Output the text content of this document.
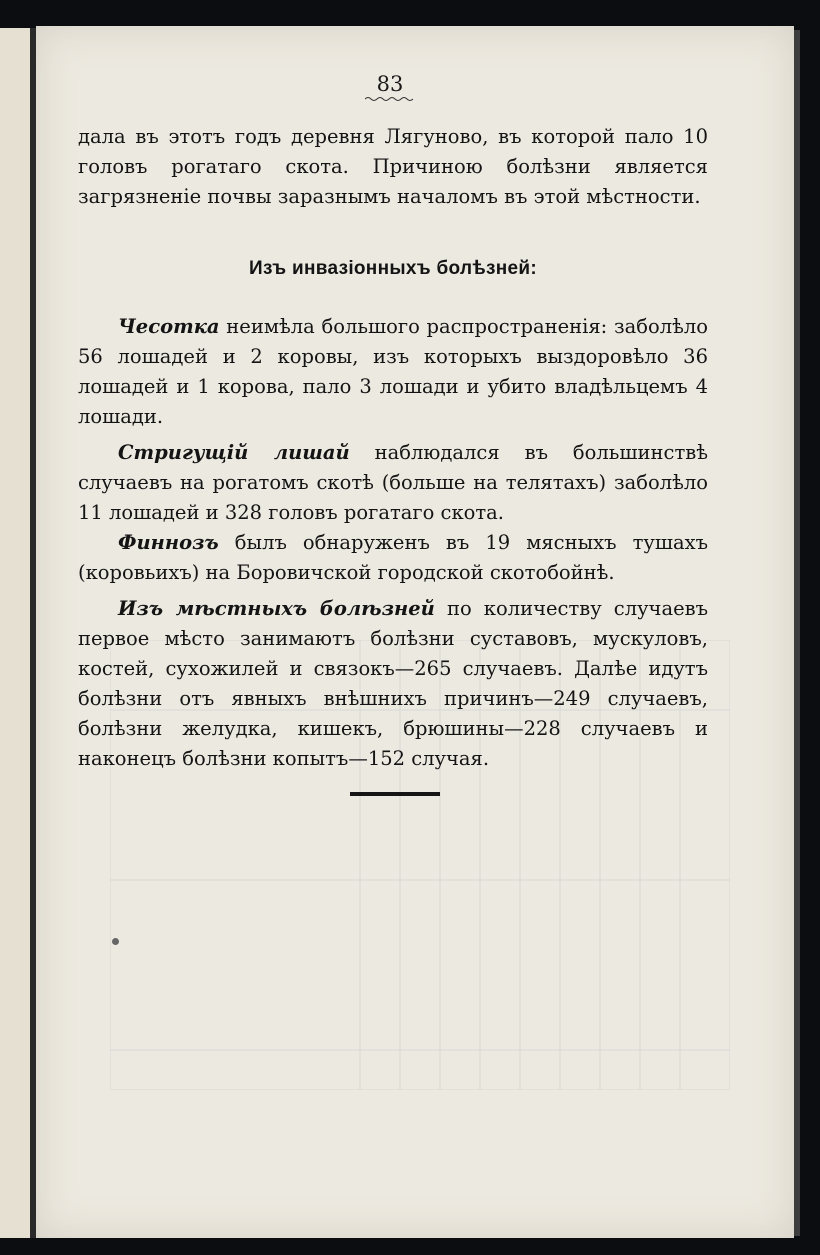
83

дала въ этотъ годъ деревня Лягуново, въ которой пало 10 головъ рогатаго скота. Причиною болѣзни является загрязненіе почвы заразнымъ началомъ въ этой мѣстности.

Изъ инвазіонныхъ болѣзней:

Чесотка неимѣла большого распространенія: заболѣло 56 лошадей и 2 коровы, изъ которыхъ выздоровѣло 36 лошадей и 1 корова, пало 3 лошади и убито владѣльцемъ 4 лошади.

Стригущій лишай наблюдался въ большинствѣ случаевъ на рогатомъ скотѣ (больше на телятахъ) заболѣло 11 лошадей и 328 головъ рогатаго скота.

Финнозъ былъ обнаруженъ въ 19 мясныхъ тушахъ (коровьихъ) на Боровичской городской скотобойнѣ.

Изъ мѣстныхъ болѣзней по количеству случаевъ первое мѣсто занимаютъ болѣзни суставовъ, мускуловъ, костей, сухожилей и связокъ—265 случаевъ. Далѣе идутъ болѣзни отъ явныхъ внѣшнихъ причинъ—249 случаевъ, болѣзни желудка, кишекъ, брюшины—228 случаевъ и наконецъ болѣзни копытъ—152 случая.
